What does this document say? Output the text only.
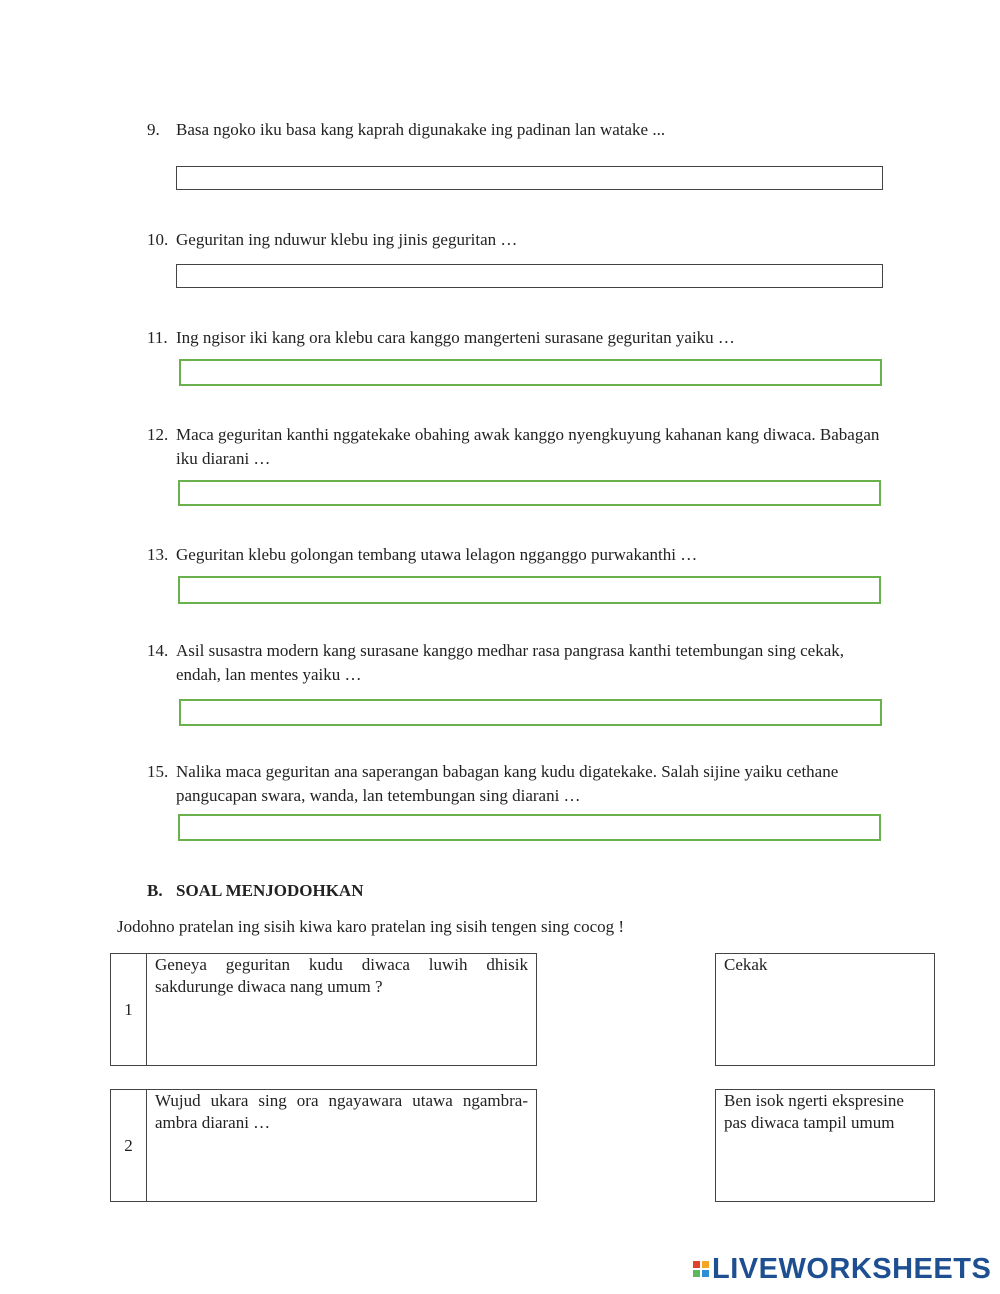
9. Basa ngoko iku basa kang kaprah digunakake ing padinan lan watake ...
10. Geguritan ing nduwur klebu ing jinis geguritan …
11. Ing ngisor iki kang ora klebu cara kanggo mangerteni surasane geguritan yaiku …
12. Maca geguritan kanthi nggatekake obahing awak kanggo nyengkuyung kahanan kang diwaca. Babagan iku diarani …
13. Geguritan klebu golongan tembang utawa lelagon ngganggo purwakanthi …
14. Asil susastra modern kang surasane kanggo medhar rasa pangrasa kanthi tetembungan sing cekak, endah, lan mentes yaiku …
15. Nalika maca geguritan ana saperangan babagan kang kudu digatekake. Salah sijine yaiku cethane pangucapan swara, wanda, lan tetembungan sing diarani …
B. SOAL MENJODOHKAN
Jodohno pratelan ing sisih kiwa karo pratelan ing sisih tengen sing cocog !
1
Geneya geguritan kudu diwaca luwih dhisik sakdurunge diwaca nang umum ?
Cekak
2
Wujud ukara sing ora ngayawara utawa ngambra-ambra diarani …
Ben isok ngerti ekspresine pas diwaca tampil umum
LIVEWORKSHEETS
